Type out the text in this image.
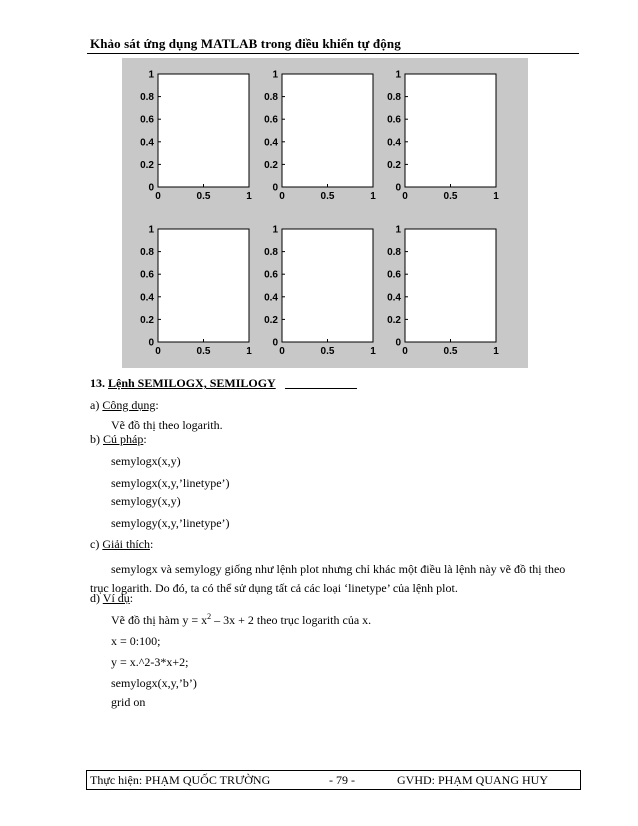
Khảo sát ứng dụng MATLAB trong điều khiển tự động
1
0.8
0.6
0.4
0.2
0
0	0.5	1
1
0.8
0.6
0.4
0.2
0
0	0.5	1
1
0.8
0.6
0.4
0.2
0
0	0.5	1
1
0.8
0.6
0.4
0.2
0
0	0.5	1
1
0.8
0.6
0.4
0.2
0
0	0.5	1
1
0.8
0.6
0.4
0.2
0
0	0.5	1
13. Lệnh SEMILOGX, SEMILOGY
a) Công dụng:
Vẽ đồ thị theo logarith.
b) Cú pháp:
semylogx(x,y)
semylogx(x,y,’linetype’)
semylogy(x,y)
semylogy(x,y,’linetype’)
c) Giải thích:
semylogx và semylogy giống như lệnh plot nhưng chỉ khác một điều là lệnh này vẽ đồ thị theo trục logarith. Do đó, ta có thể sử dụng tất cả các loại ‘linetype’ của lệnh plot.
d) Ví dụ:
Vẽ đồ thị hàm $y = x^2 - 3x + 2$ theo trục logarith của x.
x = 0:100;
y = x.^2-3*x+2;
semylogx(x,y,’b’)
grid on
Thực hiện: PHẠM QUỐC TRƯỜNG	- 79 -	GVHD: PHẠM QUANG HUY
